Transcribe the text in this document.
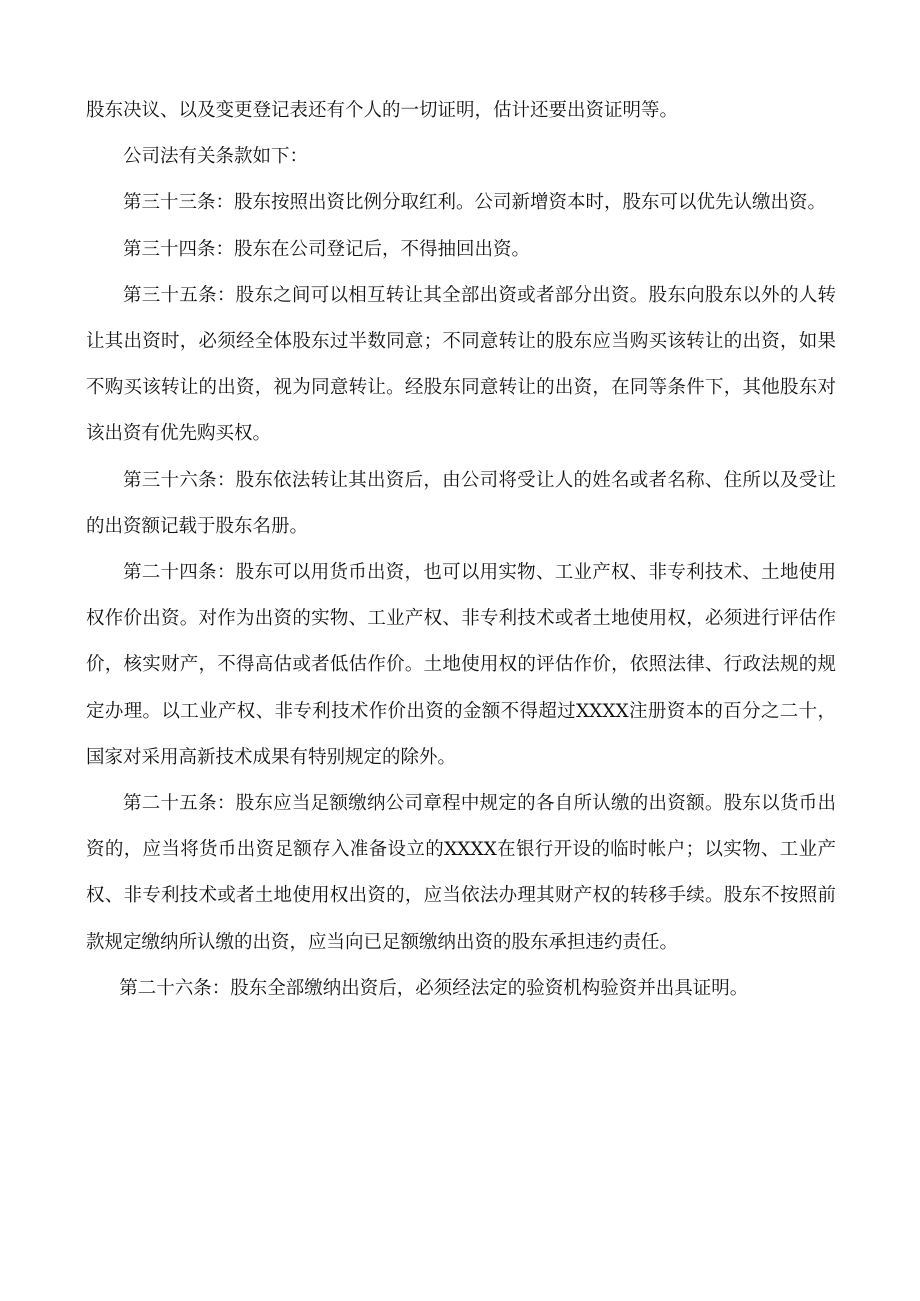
股东决议、以及变更登记表还有个人的一切证明，估计还要出资证明等。

公司法有关条款如下：

第三十三条：股东按照出资比例分取红利。公司新增资本时，股东可以优先认缴出资。

第三十四条：股东在公司登记后，不得抽回出资。

第三十五条：股东之间可以相互转让其全部出资或者部分出资。股东向股东以外的人转让其出资时，必须经全体股东过半数同意；不同意转让的股东应当购买该转让的出资，如果不购买该转让的出资，视为同意转让。经股东同意转让的出资，在同等条件下，其他股东对该出资有优先购买权。

第三十六条：股东依法转让其出资后，由公司将受让人的姓名或者名称、住所以及受让的出资额记载于股东名册。

第二十四条：股东可以用货币出资，也可以用实物、工业产权、非专利技术、土地使用权作价出资。对作为出资的实物、工业产权、非专利技术或者土地使用权，必须进行评估作价，核实财产，不得高估或者低估作价。土地使用权的评估作价，依照法律、行政法规的规定办理。以工业产权、非专利技术作价出资的金额不得超过XXXX注册资本的百分之二十，国家对采用高新技术成果有特别规定的除外。

第二十五条：股东应当足额缴纳公司章程中规定的各自所认缴的出资额。股东以货币出资的，应当将货币出资足额存入准备设立的XXXX在银行开设的临时帐户；以实物、工业产权、非专利技术或者土地使用权出资的，应当依法办理其财产权的转移手续。股东不按照前款规定缴纳所认缴的出资，应当向已足额缴纳出资的股东承担违约责任。

第二十六条：股东全部缴纳出资后，必须经法定的验资机构验资并出具证明。
